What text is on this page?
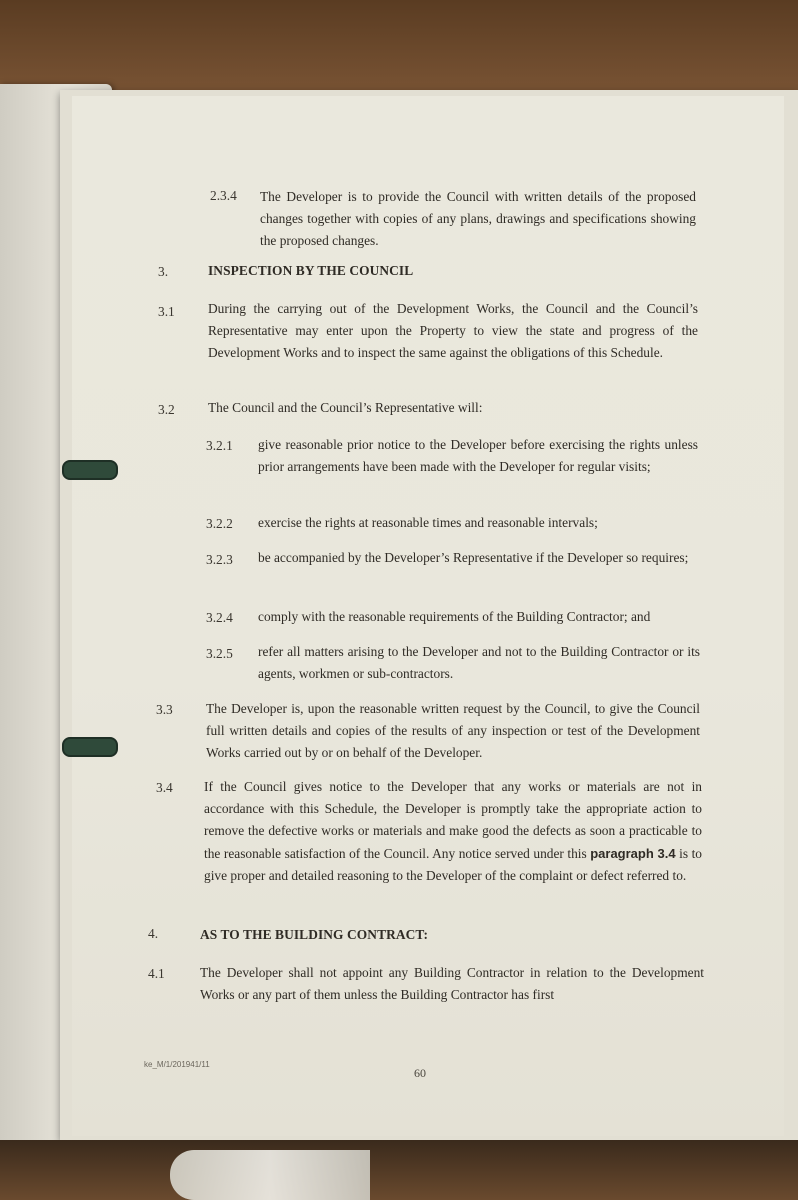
2.3.4 The Developer is to provide the Council with written details of the proposed changes together with copies of any plans, drawings and specifications showing the proposed changes.
3.	INSPECTION BY THE COUNCIL
3.1 During the carrying out of the Development Works, the Council and the Council’s Representative may enter upon the Property to view the state and progress of the Development Works and to inspect the same against the obligations of this Schedule.
3.2 The Council and the Council’s Representative will:
3.2.1 give reasonable prior notice to the Developer before exercising the rights unless prior arrangements have been made with the Developer for regular visits;
3.2.2 exercise the rights at reasonable times and reasonable intervals;
3.2.3 be accompanied by the Developer’s Representative if the Developer so requires;
3.2.4 comply with the reasonable requirements of the Building Contractor; and
3.2.5 refer all matters arising to the Developer and not to the Building Contractor or its agents, workmen or sub-contractors.
3.3 The Developer is, upon the reasonable written request by the Council, to give the Council full written details and copies of the results of any inspection or test of the Development Works carried out by or on behalf of the Developer.
3.4 If the Council gives notice to the Developer that any works or materials are not in accordance with this Schedule, the Developer is promptly take the appropriate action to remove the defective works or materials and make good the defects as soon a practicable to the reasonable satisfaction of the Council. Any notice served under this paragraph 3.4 is to give proper and detailed reasoning to the Developer of the complaint or defect referred to.
4.	AS TO THE BUILDING CONTRACT:
4.1	The Developer shall not appoint any Building Contractor in relation to the Development Works or any part of them unless the Building Contractor has first
ke_M/1/201941/11
60
